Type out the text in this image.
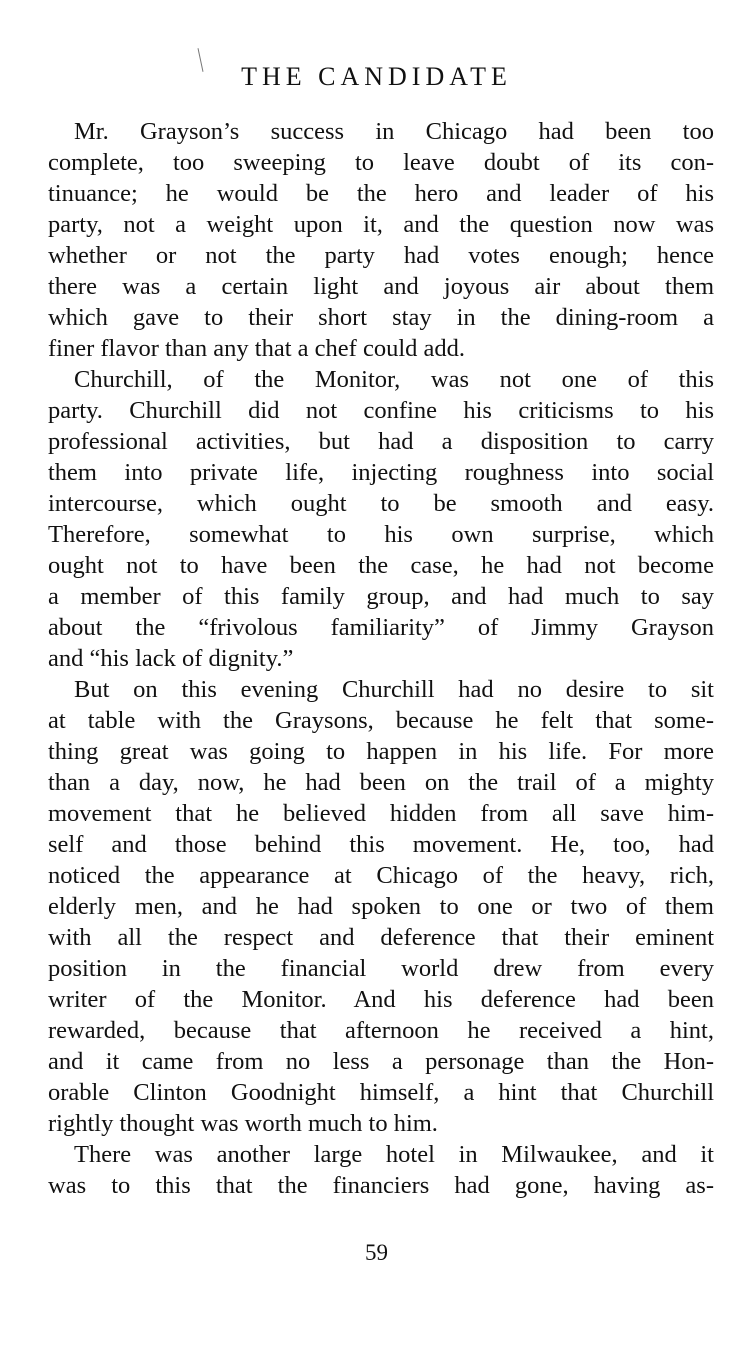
THE CANDIDATE
Mr. Grayson’s success in Chicago had been too
complete, too sweeping to leave doubt of its con-
tinuance; he would be the hero and leader of his
party, not a weight upon it, and the question now was
whether or not the party had votes enough; hence
there was a certain light and joyous air about them
which gave to their short stay in the dining-room a
finer flavor than any that a chef could add.
Churchill, of the Monitor, was not one of this
party. Churchill did not confine his criticisms to his
professional activities, but had a disposition to carry
them into private life, injecting roughness into social
intercourse, which ought to be smooth and easy.
Therefore, somewhat to his own surprise, which
ought not to have been the case, he had not become
a member of this family group, and had much to say
about the “frivolous familiarity” of Jimmy Grayson
and “his lack of dignity.”
But on this evening Churchill had no desire to sit
at table with the Graysons, because he felt that some-
thing great was going to happen in his life. For more
than a day, now, he had been on the trail of a mighty
movement that he believed hidden from all save him-
self and those behind this movement. He, too, had
noticed the appearance at Chicago of the heavy, rich,
elderly men, and he had spoken to one or two of them
with all the respect and deference that their eminent
position in the financial world drew from every
writer of the Monitor. And his deference had been
rewarded, because that afternoon he received a hint,
and it came from no less a personage than the Hon-
orable Clinton Goodnight himself, a hint that Churchill
rightly thought was worth much to him.
There was another large hotel in Milwaukee, and it
was to this that the financiers had gone, having as-
59
